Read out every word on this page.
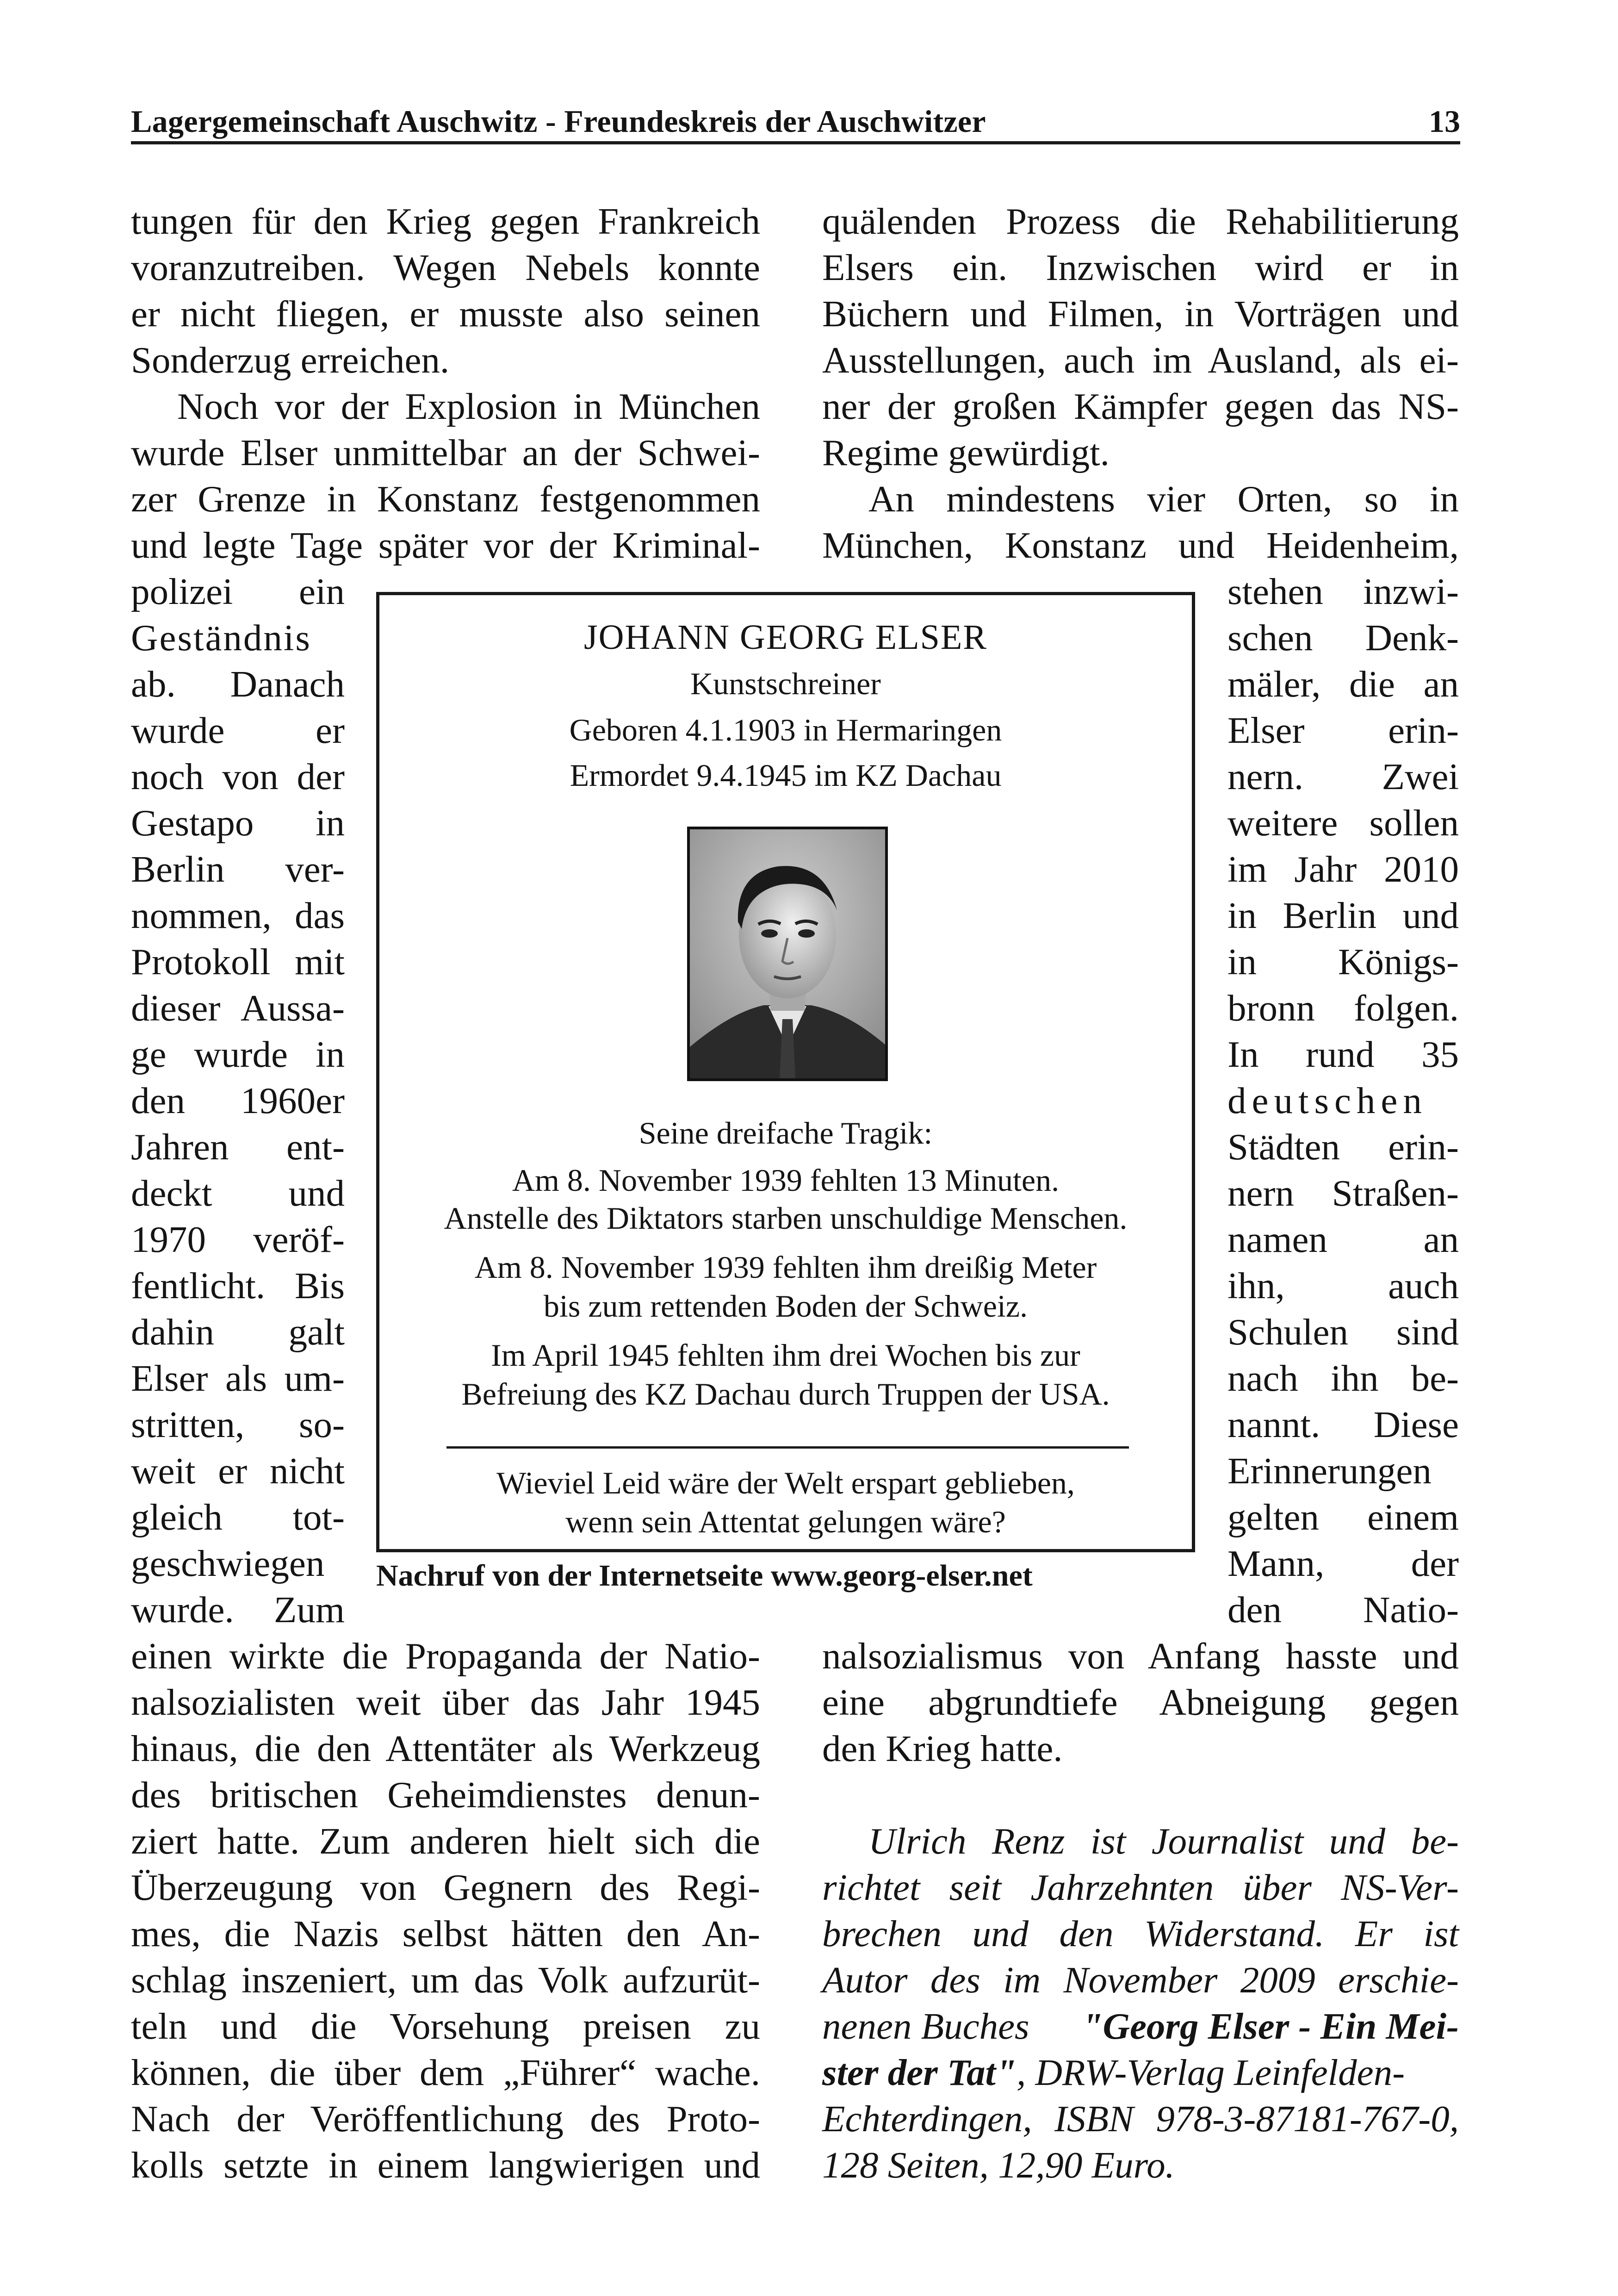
Lagergemeinschaft Auschwitz - Freundeskreis der Auschwitzer	13

tungen für den Krieg gegen Frankreich

voranzutreiben. Wegen Nebels konnte

er nicht fliegen, er musste also seinen

Sonderzug erreichen.

Noch vor der Explosion in München

wurde Elser unmittelbar an der Schwei-

zer Grenze in Konstanz festgenommen

und legte Tage später vor der Kriminal-

polizei ein

Geständnis

ab. Danach

wurde er

noch von der

Gestapo in

Berlin ver-

nommen, das

Protokoll mit

dieser Aussa-

ge wurde in

den 1960er

Jahren ent-

deckt und

1970 veröf-

fentlicht. Bis

dahin galt

Elser als um-

stritten, so-

weit er nicht

gleich tot-

geschwiegen

wurde. Zum

einen wirkte die Propaganda der Natio-

nalsozialisten weit über das Jahr 1945

hinaus, die den Attentäter als Werkzeug

des britischen Geheimdienstes denun-

ziert hatte. Zum anderen hielt sich die

Überzeugung von Gegnern des Regi-

mes, die Nazis selbst hätten den An-

schlag inszeniert, um das Volk aufzurüt-

teln und die Vorsehung preisen zu

können, die über dem „Führer“ wache.

Nach der Veröffentlichung des Proto-

kolls setzte in einem langwierigen und

quälenden Prozess die Rehabilitierung

Elsers ein. Inzwischen wird er in

Büchern und Filmen, in Vorträgen und

Ausstellungen, auch im Ausland, als ei-

ner der großen Kämpfer gegen das NS-

Regime gewürdigt.

An mindestens vier Orten, so in

München, Konstanz und Heidenheim,

stehen inzwi-

schen Denk-

mäler, die an

Elser erin-

nern. Zwei

weitere sollen

im Jahr 2010

in Berlin und

in Königs-

bronn folgen.

In rund 35

deutschen

Städten erin-

nern Straßen-

namen an

ihn, auch

Schulen sind

nach ihn be-

nannt. Diese

Erinnerungen

gelten einem

Mann, der

den Natio-

nalsozialismus von Anfang hasste und

eine abgrundtiefe Abneigung gegen

den Krieg hatte.

Ulrich Renz ist Journalist und be-

richtet seit Jahrzehnten über NS-Ver-

brechen und den Widerstand. Er ist

Autor des im November 2009 erschie-

nenen Buches "Georg Elser - Ein Mei-

ster der Tat" , DRW-Verlag Leinfelden-

Echterdingen, ISBN 978-3-87181-767-0,

128 Seiten, 12,90 Euro.

JOHANN GEORG ELSER

Kunstschreiner

Geboren 4.1.1903 in Hermaringen

Ermordet 9.4.1945 im KZ Dachau

Seine dreifache Tragik:

Am 8. November 1939 fehlten 13 Minuten.

Anstelle des Diktators starben unschuldige Menschen.

Am 8. November 1939 fehlten ihm dreißig Meter

bis zum rettenden Boden der Schweiz.

Im April 1945 fehlten ihm drei Wochen bis zur

Befreiung des KZ Dachau durch Truppen der USA.

Wieviel Leid wäre der Welt erspart geblieben,

wenn sein Attentat gelungen wäre?

Nachruf von der Internetseite www.georg-elser.net
